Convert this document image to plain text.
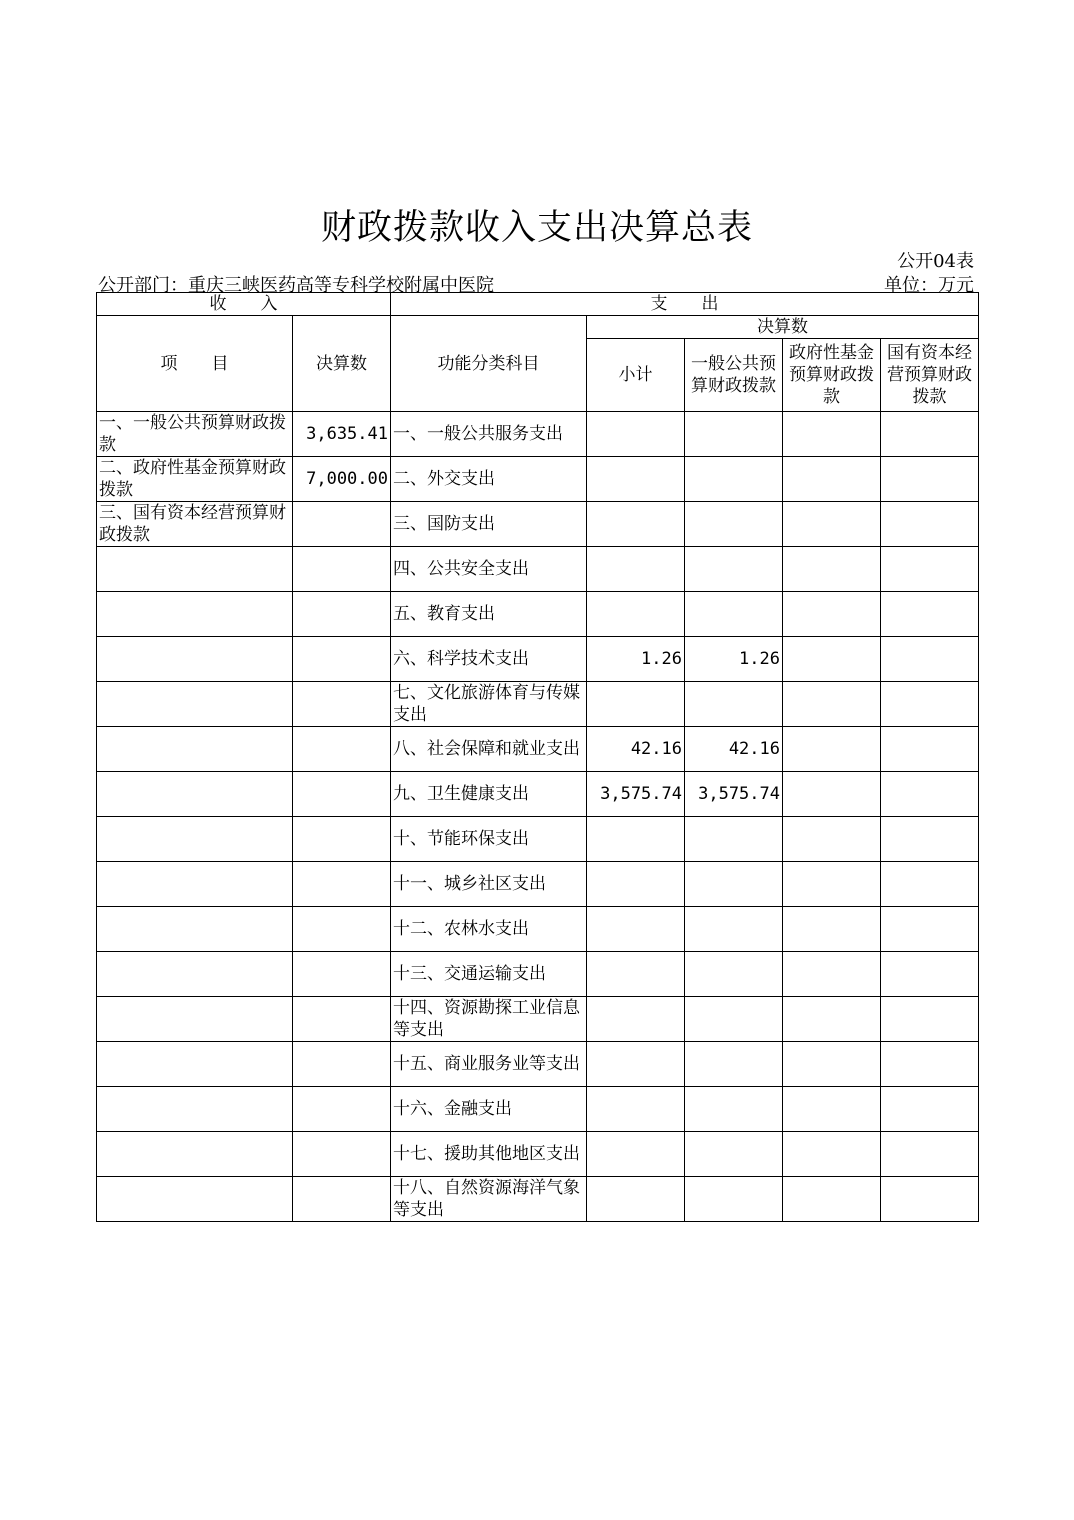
财政拨款收入支出决算总表
公开04表
公开部门：重庆三峡医药高等专科学校附属中医院	单位：万元
收　　入		支　　出				
项　　目	决算数	功能分类科目	决算数			
			小计	一般公共预算财政拨款	政府性基金预算财政拨款	国有资本经营预算财政拨款
一、一般公共预算财政拨款	3,635.41	一、一般公共服务支出				
二、政府性基金预算财政拨款	7,000.00	二、外交支出				
三、国有资本经营预算财政拨款		三、国防支出				
		四、公共安全支出				
		五、教育支出				
		六、科学技术支出	1.26	1.26		
		七、文化旅游体育与传媒支出				
		八、社会保障和就业支出	42.16	42.16		
		九、卫生健康支出	3,575.74	3,575.74		
		十、节能环保支出				
		十一、城乡社区支出				
		十二、农林水支出				
		十三、交通运输支出				
		十四、资源勘探工业信息等支出				
		十五、商业服务业等支出				
		十六、金融支出				
		十七、援助其他地区支出				
		十八、自然资源海洋气象等支出				
